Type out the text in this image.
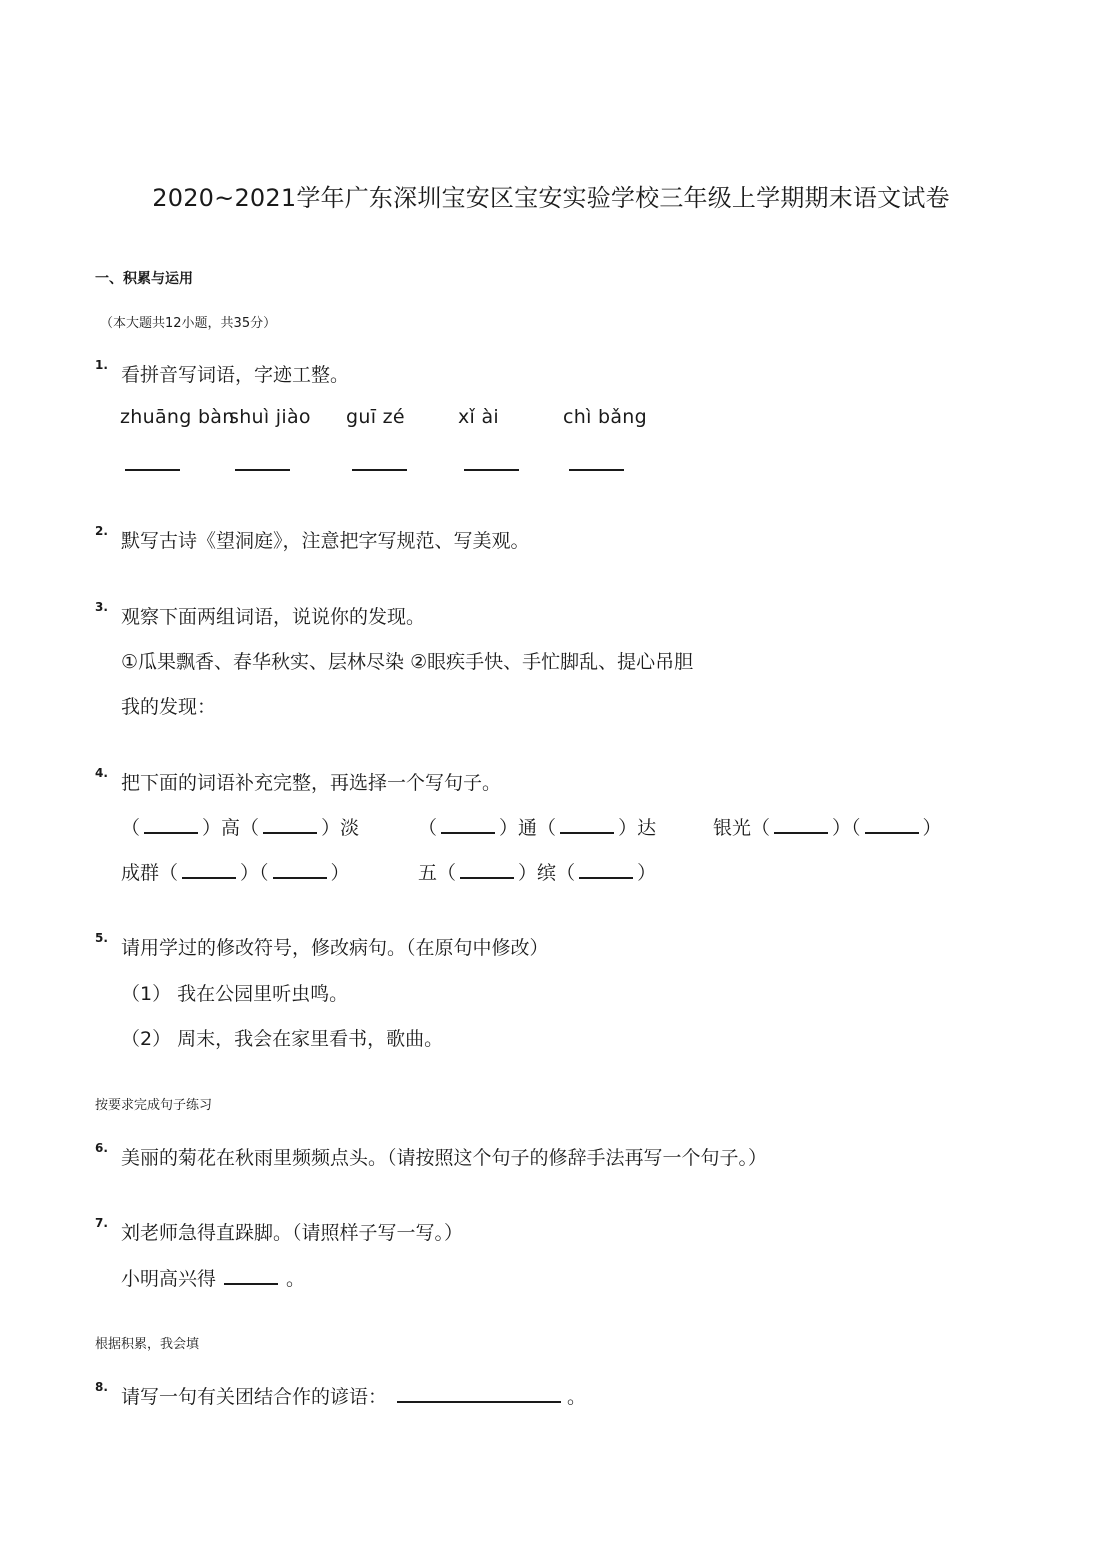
2020~2021学年广东深圳宝安区宝安实验学校三年级上学期期末语文试卷
一、积累与运用
（本大题共12小题，共35分）
1. 看拼音写词语，字迹工整。
zhuāng bàn
shuì jiào guī zé	xǐ ài	chì bǎng
2. 默写古诗《望洞庭》，注意把字写规范、写美观。
3. 观察下面两组词语，说说你的发现。
①瓜果飘香、春华秋实、层林尽染 ②眼疾手快、手忙脚乱、提心吊胆
我的发现：
4. 把下面的词语补充完整，再选择一个写句子。
（	）高（	）淡	（	）通（	）达	银光（	）（	）
成群（	）（	）	五（	）缤（	）
5. 请用学过的修改符号，修改病句。（在原句中修改）
（1） 我在公园里听虫鸣。
（2） 周末，我会在家里看书，歌曲。
按要求完成句子练习
6. 美丽的菊花在秋雨里频频点头。（请按照这个句子的修辞手法再写一个句子。）
7. 刘老师急得直跺脚。（请照样子写一写。）
小明高兴得	。
根据积累，我会填
8. 请写一句有关团结合作的谚语：	。
